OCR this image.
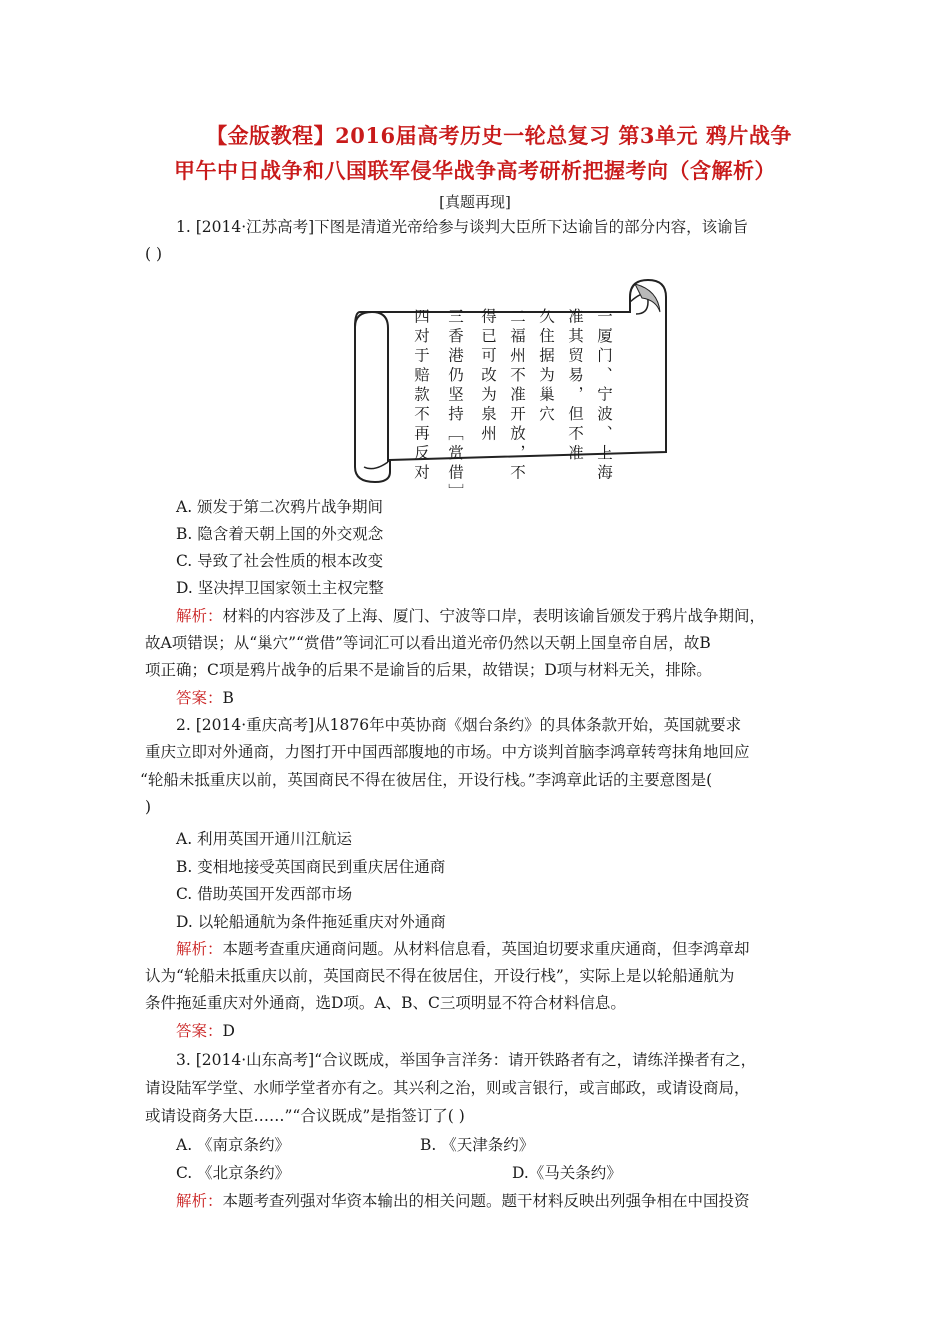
【金版教程】2016届高考历史一轮总复习 第3单元 鸦片战争
甲午中日战争和八国联军侵华战争高考研析把握考向（含解析）
[真题再现]
1. [2014·江苏高考]下图是清道光帝给参与谈判大臣所下达谕旨的部分内容，该谕旨
( )
一厦门、宁波、上海
准其贸易，但不准
久住据为巢穴
二福州不准开放，不
得已可改为泉州
三香港仍坚持［赏借］
四对于赔款不再反对
A. 颁发于第二次鸦片战争期间
B. 隐含着天朝上国的外交观念
C. 导致了社会性质的根本改变
D. 坚决捍卫国家领土主权完整
解析：材料的内容涉及了上海、厦门、宁波等口岸，表明该谕旨颁发于鸦片战争期间，
故A项错误；从“巢穴”“赏借”等词汇可以看出道光帝仍然以天朝上国皇帝自居，故B
项正确；C项是鸦片战争的后果不是谕旨的后果，故错误；D项与材料无关，排除。
答案：B
2. [2014·重庆高考]从1876年中英协商《烟台条约》的具体条款开始，英国就要求
重庆立即对外通商，力图打开中国西部腹地的市场。中方谈判首脑李鸿章转弯抹角地回应
“轮船未抵重庆以前，英国商民不得在彼居住，开设行栈。”李鸿章此话的主要意图是(
)
A. 利用英国开通川江航运
B. 变相地接受英国商民到重庆居住通商
C. 借助英国开发西部市场
D. 以轮船通航为条件拖延重庆对外通商
解析：本题考查重庆通商问题。从材料信息看，英国迫切要求重庆通商，但李鸿章却
认为“轮船未抵重庆以前，英国商民不得在彼居住，开设行栈”，实际上是以轮船通航为
条件拖延重庆对外通商，选D项。A、B、C三项明显不符合材料信息。
答案：D
3. [2014·山东高考]“合议既成，举国争言洋务：请开铁路者有之，请练洋操者有之，
请设陆军学堂、水师学堂者亦有之。其兴利之治，则或言银行，或言邮政，或请设商局，
或请设商务大臣……”“合议既成”是指签订了( )
A. 《南京条约》	B. 《天津条约》
C. 《北京条约》	D.《马关条约》
解析：本题考查列强对华资本输出的相关问题。题干材料反映出列强争相在中国投资
